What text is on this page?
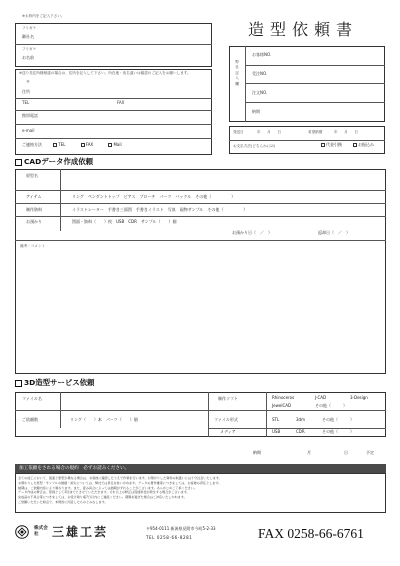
※太枠内をご記入下さい。
造型依頼書
フリガナ
御社名
フリガナ
お名前
※送り先住所様相違の場合は、住所を記入して下さい。所在地・宛名違いは確認のご記入をお願いします。
〒
住所
TEL	FAX
携帯電話
e-mail
ご連絡方法	TEL	FAX	Mail
弊社記入欄
お客様NO.
受注NO.
注文NO.
納期
発送日	年　月　日	希望納期	年　月　日
お支払方法(どちらかに☑)	代金引換	お振込み
CADデータ作成依頼
原型名
アイテム	リング　 ペンダントトップ　 ピアス　 ブローチ　 パーツ　 バックル　 その他（　　　　　）
制作資料	イラストレーター　 手書き三面図　 手書きイラスト　 写真　 現物サンプル　 その他（　　　　　）
お預かり	図面・資料（　　）枚　 USB　 CDR　 サンプル（　　）個
お預かり日（　／　）	返却日（　／　）
備考・コメント
3D造型サービス依頼
ファイル名	制作ソフト	Rhinoceros	J-CAD	3-Design
JewelCAD	その他（　　　）
ご依頼数	リング（　　）本　パーツ（　　）個	ファイル形式	STL	3dm	その他（　　　）
メディア	USB	CDR	その他（　　　）
納期	月	日	予定
加工依頼をされる場合の規約　必ずお読みください。
全ての加工において、図面と原型が異なる場合は、お客様に確認したうえで作業を行います。お預かりした資料の取扱いには十分注意いたします。
お預かりした原型・サンプルの破損・紛失については、弊社では責任を負いかねます。データの著作権等につきましては、お客様の責任とします。
納期は、ご依頼内容により異なります。また、混み具合によっては納期がずれることがございます。あらかじめご了承ください。
データ作成の修正は、原則として2回までとさせていただきます。それ以上の修正は別途料金が発生する場合がございます。
完成品の不具合等につきましては、お受け取り後7日以内にご連絡ください。期間を過ぎた場合はご対応いたしかねます。
ご依頼いただいた時点で、本規約に同意したものとみなします。
株式会社	三雄工芸	〒954-0111 新潟県見附市今町5-2-33
TEL 0258-66-8281	FAX 0258-66-6761
